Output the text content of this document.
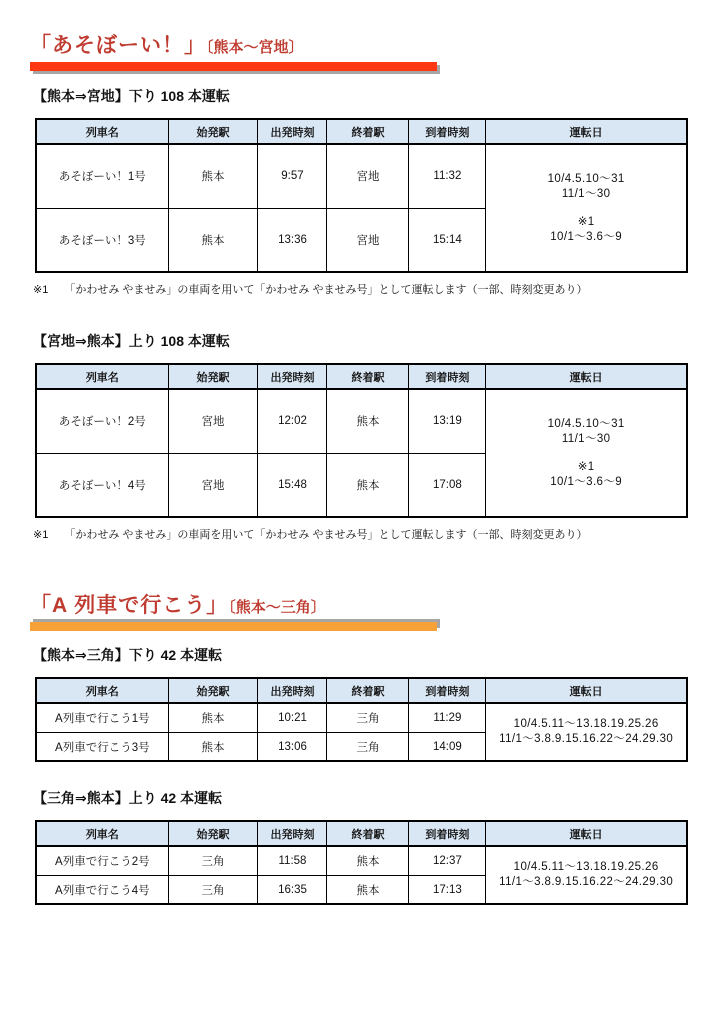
「あそぼーい！」〔熊本～宮地〕
【熊本⇒宮地】下り 108 本運転
列車名	始発駅	出発時刻	終着駅	到着時刻	運転日
あそぼーい！1号	熊本	9:57	宮地	11:32	10/4.5.10～31
11/1～30
※1
10/1～3.6～9

あそぼーい！3号	熊本	13:36	宮地	15:14	

※1 「かわせみ やませみ」の車両を用いて「かわせみ やませみ号」として運転します（一部、時刻変更あり）

【宮地⇒熊本】上り 108 本運転
列車名	始発駅	出発時刻	終着駅	到着時刻	運転日
あそぼーい！2号	宮地	12:02	熊本	13:19	10/4.5.10～31
11/1～30
※1
10/1～3.6～9

あそぼーい！4号	宮地	15:48	熊本	17:08	

※1 「かわせみ やませみ」の車両を用いて「かわせみ やませみ号」として運転します（一部、時刻変更あり）

「A 列車で行こう」〔熊本～三角〕
【熊本⇒三角】下り 42 本運転
列車名	始発駅	出発時刻	終着駅	到着時刻	運転日
A列車で行こう1号	熊本	10:21	三角	11:29	10/4.5.11～13.18.19.25.26
11/1～3.8.9.15.16.22～24.29.30

A列車で行こう3号	熊本	13:06	三角	14:09	
【三角⇒熊本】上り 42 本運転
列車名	始発駅	出発時刻	終着駅	到着時刻	運転日
A列車で行こう2号	三角	11:58	熊本	12:37	10/4.5.11～13.18.19.25.26
11/1～3.8.9.15.16.22～24.29.30

A列車で行こう4号	三角	16:35	熊本	17:13	
